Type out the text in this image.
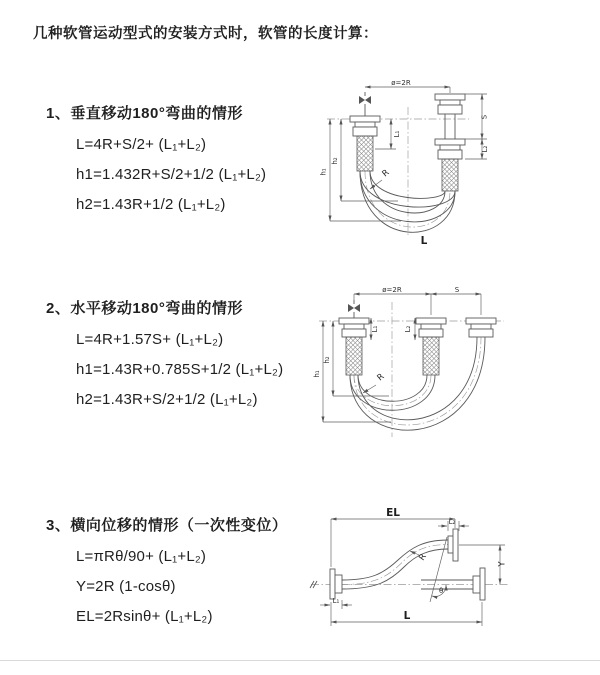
几种软管运动型式的安装方式时，软管的长度计算：
1、垂直移动180°弯曲的情形
L=4R+S/2+ (L₁+L₂)
h1=1.432R+S/2+1/2 (L₁+L₂)
h2=1.43R+1/2 (L₁+L₂)
2、水平移动180°弯曲的情形
L=4R+1.57S+ (L₁+L₂)
h1=1.43R+0.785S+1/2 (L₁+L₂)
h2=1.43R+S/2+1/2 (L₁+L₂)
3、横向位移的情形（一次性变位）
L=πRθ/90+ (L₁+L₂)
Y=2R (1-cosθ)
EL=2Rsinθ+ (L₁+L₂)
ø=2R
h₁
h₂
L₁
S
L₂
R
L
ø=2R	S
h₁
h₂
L₁	L₂
R
EL
L₂
Y
L
L₁
R
θ
